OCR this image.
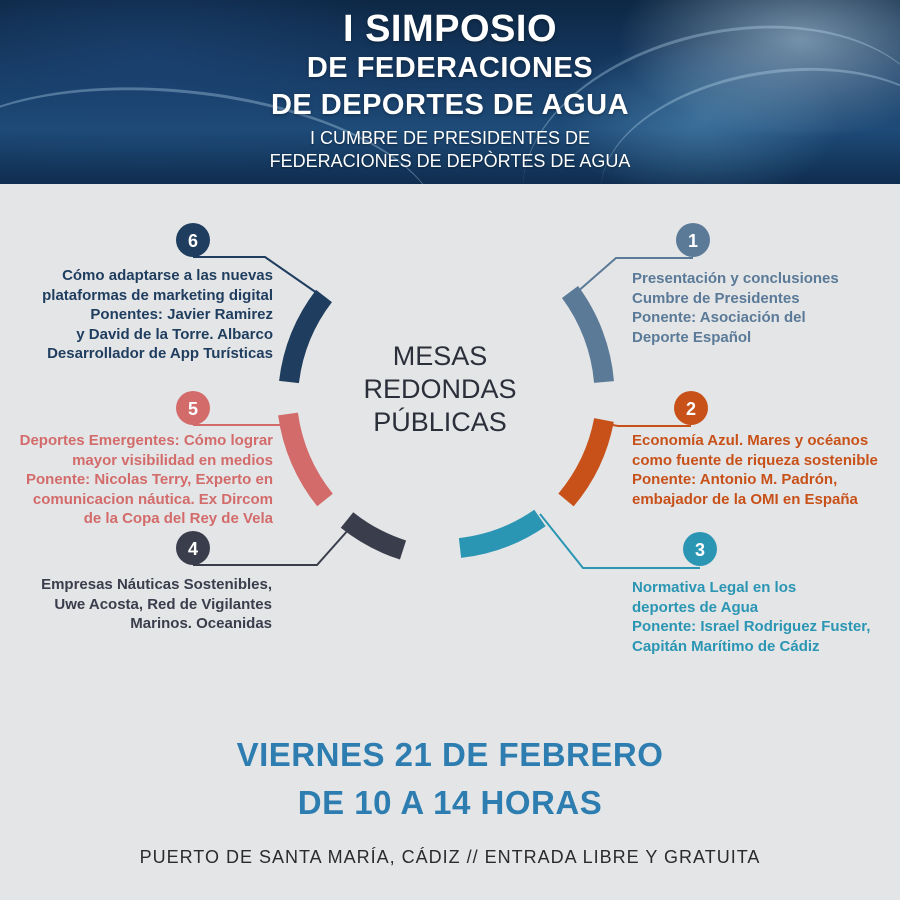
I SIMPOSIO
DE FEDERACIONES
DE DEPORTES DE AGUA
I CUMBRE DE PRESIDENTES DE
FEDERACIONES DE DEPÒRTES DE AGUA
1
2
3
4
5
6
MESAS
REDONDAS
PÚBLICAS
Presentación y conclusiones
Cumbre de Presidentes
Ponente: Asociación del
Deporte Español
Economía Azul. Mares y océanos
como fuente de riqueza sostenible
Ponente: Antonio M. Padrón,
embajador de la OMI en España
Normativa Legal en los
deportes de Agua
Ponente: Israel Rodriguez Fuster,
Capitán Marítimo de Cádiz
Empresas Náuticas Sostenibles,
Uwe Acosta, Red de Vigilantes
Marinos. Oceanidas
Deportes Emergentes: Cómo lograr
mayor visibilidad en medios
Ponente: Nicolas Terry, Experto en
comunicacion náutica. Ex Dircom
de la Copa del Rey de Vela
Cómo adaptarse a las nuevas
plataformas de marketing digital
Ponentes: Javier Ramirez
y David de la Torre. Albarco
Desarrollador de App Turísticas
VIERNES 21 DE FEBRERO
DE 10 A 14 HORAS
PUERTO DE SANTA MARÍA, CÁDIZ // ENTRADA LIBRE Y GRATUITA
